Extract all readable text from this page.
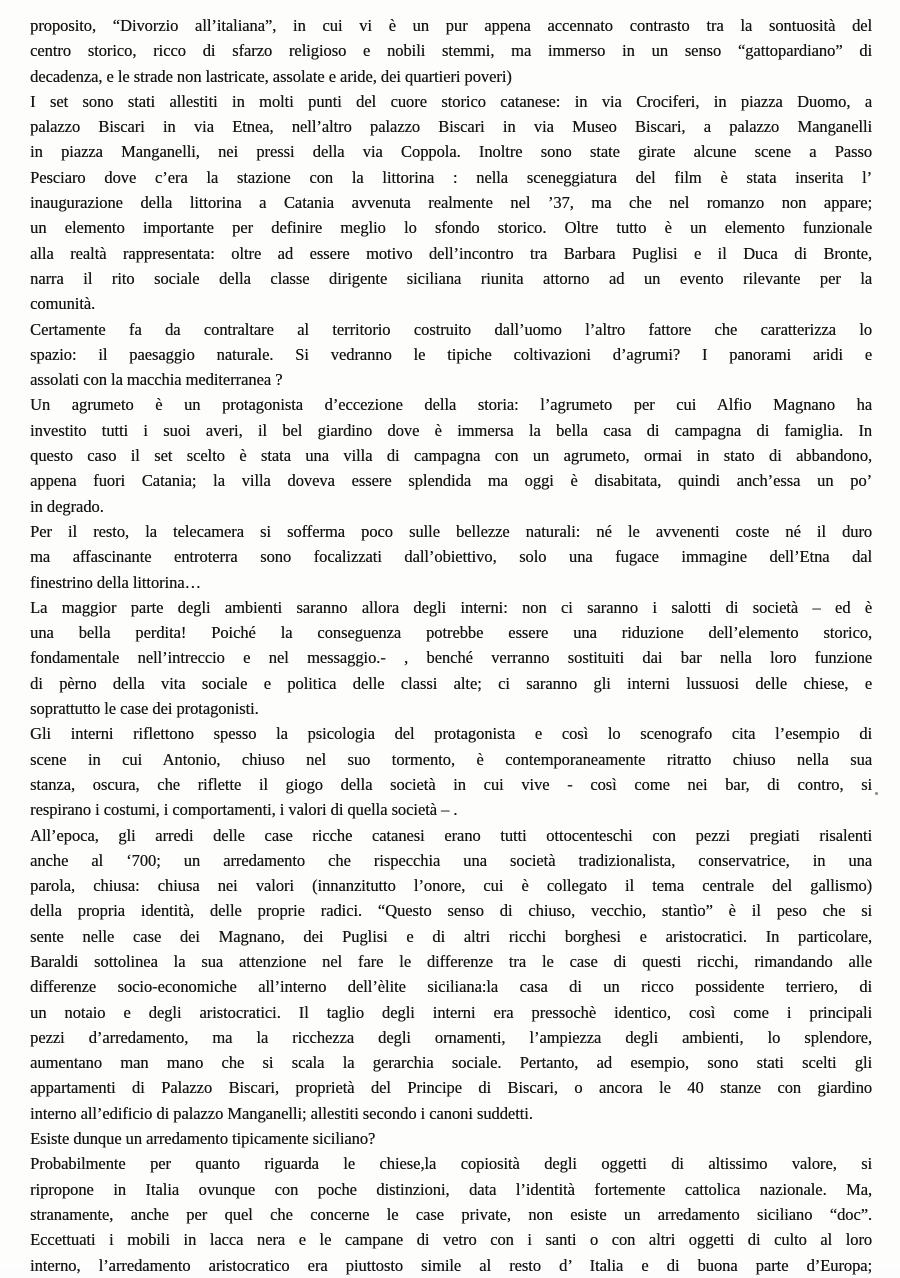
proposito, “Divorzio all’italiana”, in cui vi è un pur appena accennato contrasto tra la sontuosità del
centro storico, ricco di sfarzo religioso e nobili stemmi, ma immerso in un senso “gattopardiano” di
decadenza, e le strade non lastricate, assolate e aride, dei quartieri poveri)
I set sono stati allestiti in molti punti del cuore storico catanese: in via Crociferi, in piazza Duomo, a
palazzo Biscari in via Etnea, nell’altro palazzo Biscari in via Museo Biscari, a palazzo Manganelli
in piazza Manganelli, nei pressi della via Coppola. Inoltre sono state girate alcune scene a Passo
Pesciaro dove c’era la stazione con la littorina : nella sceneggiatura del film è stata inserita l’
inaugurazione della littorina a Catania avvenuta realmente nel ’37, ma che nel romanzo non appare;
un elemento importante per definire meglio lo sfondo storico. Oltre tutto è un elemento funzionale
alla realtà rappresentata: oltre ad essere motivo dell’incontro tra Barbara Puglisi e il Duca di Bronte,
narra il rito sociale della classe dirigente siciliana riunita attorno ad un evento rilevante per la
comunità.
Certamente fa da contraltare al territorio costruito dall’uomo l’altro fattore che caratterizza lo
spazio: il paesaggio naturale. Si vedranno le tipiche coltivazioni d’agrumi? I panorami aridi e
assolati con la macchia mediterranea ?
Un agrumeto è un protagonista d’eccezione della storia: l’agrumeto per cui Alfio Magnano ha
investito tutti i suoi averi, il bel giardino dove è immersa la bella casa di campagna di famiglia. In
questo caso il set scelto è stata una villa di campagna con un agrumeto, ormai in stato di abbandono,
appena fuori Catania; la villa doveva essere splendida ma oggi è disabitata, quindi anch’essa un po’
in degrado.
Per il resto, la telecamera si sofferma poco sulle bellezze naturali: né le avvenenti coste né il duro
ma affascinante entroterra sono focalizzati dall’obiettivo, solo una fugace immagine dell’Etna dal
finestrino della littorina…
La maggior parte degli ambienti saranno allora degli interni: non ci saranno i salotti di società – ed è
una bella perdita! Poiché la conseguenza potrebbe essere una riduzione dell’elemento storico,
fondamentale nell’intreccio e nel messaggio.- , benché verranno sostituiti dai bar nella loro funzione
di pèrno della vita sociale e politica delle classi alte; ci saranno gli interni lussuosi delle chiese, e
soprattutto le case dei protagonisti.
Gli interni riflettono spesso la psicologia del protagonista e così lo scenografo cita l’esempio di
scene in cui Antonio, chiuso nel suo tormento, è contemporaneamente ritratto chiuso nella sua
stanza, oscura, che riflette il giogo della società in cui vive - così come nei bar, di contro, si
respirano i costumi, i comportamenti, i valori di quella società – .
All’epoca, gli arredi delle case ricche catanesi erano tutti ottocenteschi con pezzi pregiati risalenti
anche al ‘700; un arredamento che rispecchia una società tradizionalista, conservatrice, in una
parola, chiusa: chiusa nei valori (innanzitutto l’onore, cui è collegato il tema centrale del gallismo)
della propria identità, delle proprie radici. “Questo senso di chiuso, vecchio, stantìo” è il peso che si
sente nelle case dei Magnano, dei Puglisi e di altri ricchi borghesi e aristocratici. In particolare,
Baraldi sottolinea la sua attenzione nel fare le differenze tra le case di questi ricchi, rimandando alle
differenze socio-economiche all’interno dell’èlite siciliana:la casa di un ricco possidente terriero, di
un notaio e degli aristocratici. Il taglio degli interni era pressochè identico, così come i principali
pezzi d’arredamento, ma la ricchezza degli ornamenti, l’ampiezza degli ambienti, lo splendore,
aumentano man mano che si scala la gerarchia sociale. Pertanto, ad esempio, sono stati scelti gli
appartamenti di Palazzo Biscari, proprietà del Principe di Biscari, o ancora le 40 stanze con giardino
interno all’edificio di palazzo Manganelli; allestiti secondo i canoni suddetti.
Esiste dunque un arredamento tipicamente siciliano?
Probabilmente per quanto riguarda le chiese,la copiosità degli oggetti di altissimo valore, si
ripropone in Italia ovunque con poche distinzioni, data l’identità fortemente cattolica nazionale. Ma,
stranamente, anche per quel che concerne le case private, non esiste un arredamento siciliano “doc”.
Eccettuati i mobili in lacca nera e le campane di vetro con i santi o con altri oggetti di culto al loro
interno, l’arredamento aristocratico era piuttosto simile al resto d’ Italia e di buona parte d’Europa;
